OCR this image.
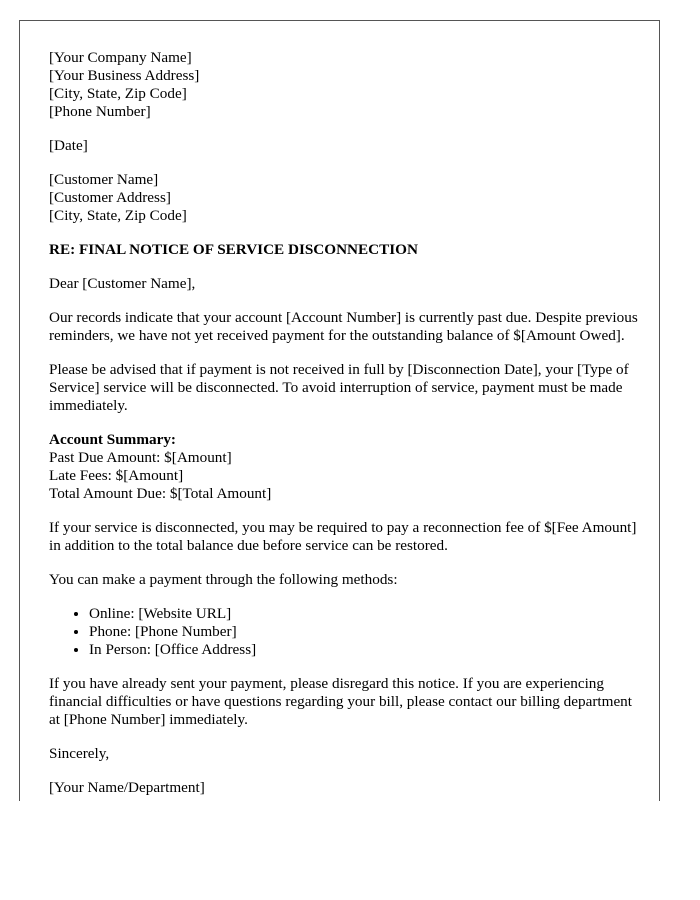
[Your Company Name]
[Your Business Address]
[City, State, Zip Code]
[Phone Number]

[Date]

[Customer Name]
[Customer Address]
[City, State, Zip Code]

RE: FINAL NOTICE OF SERVICE DISCONNECTION

Dear [Customer Name],

Our records indicate that your account [Account Number] is currently past due. Despite previous reminders, we have not yet received payment for the outstanding balance of $[Amount Owed].

Please be advised that if payment is not received in full by [Disconnection Date], your [Type of Service] service will be disconnected. To avoid interruption of service, payment must be made immediately.

Account Summary:
Past Due Amount: $[Amount]
Late Fees: $[Amount]
Total Amount Due: $[Total Amount]

If your service is disconnected, you may be required to pay a reconnection fee of $[Fee Amount] in addition to the total balance due before service can be restored.

You can make a payment through the following methods:

• Online: [Website URL]
• Phone: [Phone Number]
• In Person: [Office Address]

If you have already sent your payment, please disregard this notice. If you are experiencing financial difficulties or have questions regarding your bill, please contact our billing department at [Phone Number] immediately.

Sincerely,

[Your Name/Department]
